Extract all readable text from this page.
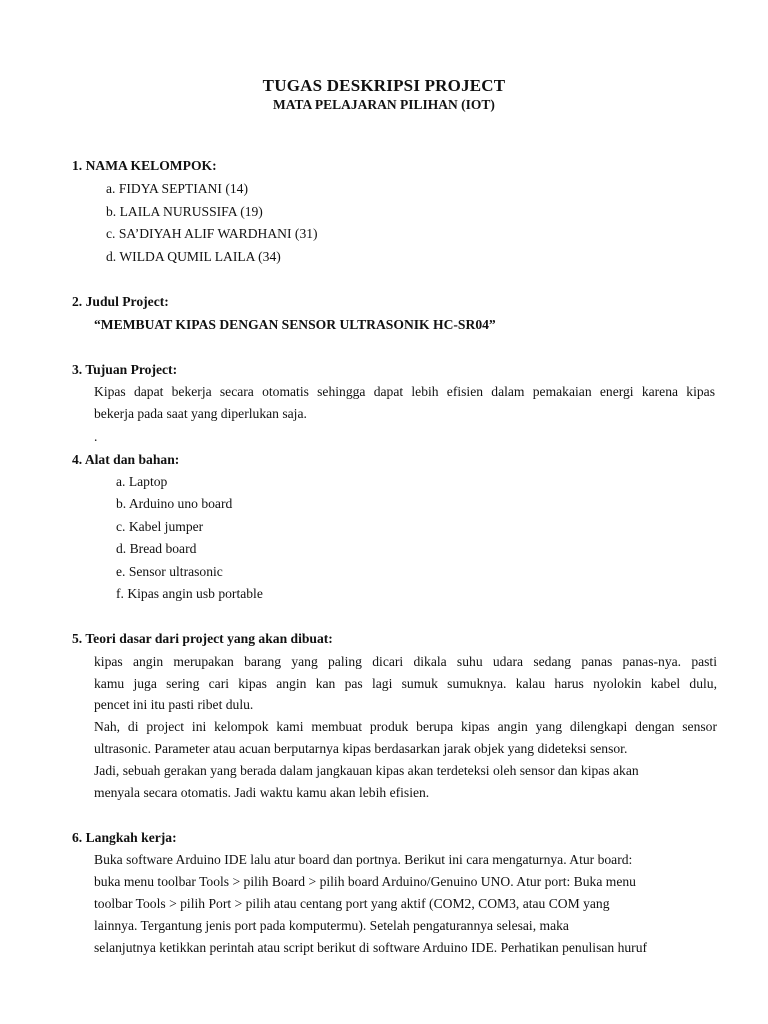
TUGAS DESKRIPSI PROJECT
MATA PELAJARAN PILIHAN (IOT)
1. NAMA KELOMPOK:
a. FIDYA SEPTIANI (14)
b. LAILA NURUSSIFA (19)
c. SA’DIYAH ALIF WARDHANI (31)
d. WILDA QUMIL LAILA (34)
2. Judul Project:
“MEMBUAT KIPAS DENGAN SENSOR ULTRASONIK HC-SR04”
3. Tujuan Project:
Kipas dapat bekerja secara otomatis sehingga dapat lebih efisien dalam pemakaian energi karena kipas
bekerja pada saat yang diperlukan saja.
.
4. Alat dan bahan:
a. Laptop
b. Arduino uno board
c. Kabel jumper
d. Bread board
e. Sensor ultrasonic
f. Kipas angin usb portable
5. Teori dasar dari project yang akan dibuat:
kipas angin merupakan barang yang paling dicari dikala suhu udara sedang panas panas-nya. pasti
kamu juga sering cari kipas angin kan pas lagi sumuk sumuknya. kalau harus nyolokin kabel dulu,
pencet ini itu pasti ribet dulu.
Nah, di project ini kelompok kami membuat produk berupa kipas angin yang dilengkapi dengan sensor
ultrasonic. Parameter atau acuan berputarnya kipas berdasarkan jarak objek yang dideteksi sensor.
Jadi, sebuah gerakan yang berada dalam jangkauan kipas akan terdeteksi oleh sensor dan kipas akan
menyala secara otomatis. Jadi waktu kamu akan lebih efisien.
6. Langkah kerja:
Buka software Arduino IDE lalu atur board dan portnya. Berikut ini cara mengaturnya. Atur board:
buka menu toolbar Tools > pilih Board > pilih board Arduino/Genuino UNO. Atur port: Buka menu
toolbar Tools > pilih Port > pilih atau centang port yang aktif (COM2, COM3, atau COM yang
lainnya. Tergantung jenis port pada komputermu). Setelah pengaturannya selesai, maka
selanjutnya ketikkan perintah atau script berikut di software Arduino IDE. Perhatikan penulisan huruf
